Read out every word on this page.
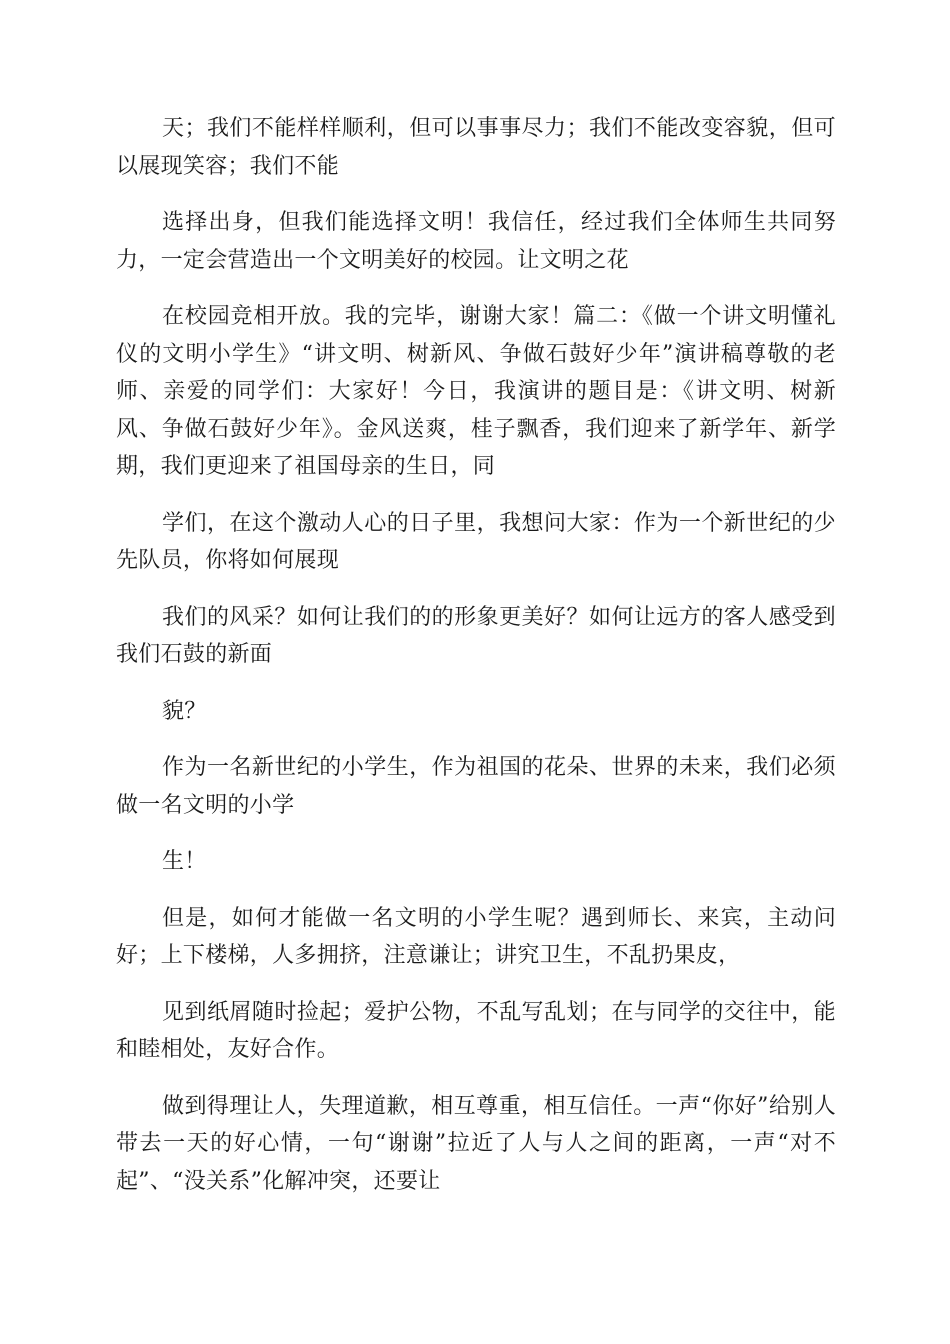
天；我们不能样样顺利，但可以事事尽力；我们不能改变容貌，但可以展现笑容；我们不能

选择出身，但我们能选择文明！我信任，经过我们全体师生共同努力，一定会营造出一个文明美好的校园。让文明之花

在校园竞相开放。我的完毕，谢谢大家！篇二：《做一个讲文明懂礼仪的文明小学生》“讲文明、树新风、争做石鼓好少年”演讲稿尊敬的老师、亲爱的同学们：大家好！今日，我演讲的题目是：《讲文明、树新风、争做石鼓好少年》。金风送爽，桂子飘香，我们迎来了新学年、新学期，我们更迎来了祖国母亲的生日，同

学们，在这个激动人心的日子里，我想问大家：作为一个新世纪的少先队员，你将如何展现

我们的风采？如何让我们的的形象更美好？如何让远方的客人感受到我们石鼓的新面

貌？

作为一名新世纪的小学生，作为祖国的花朵、世界的未来，我们必须做一名文明的小学

生！

但是，如何才能做一名文明的小学生呢？遇到师长、来宾，主动问好；上下楼梯，人多拥挤，注意谦让；讲究卫生，不乱扔果皮，

见到纸屑随时捡起；爱护公物，不乱写乱划；在与同学的交往中，能和睦相处，友好合作。

做到得理让人，失理道歉，相互尊重，相互信任。一声“你好”给别人带去一天的好心情，一句“谢谢”拉近了人与人之间的距离，一声“对不起”、“没关系”化解冲突，还要让
